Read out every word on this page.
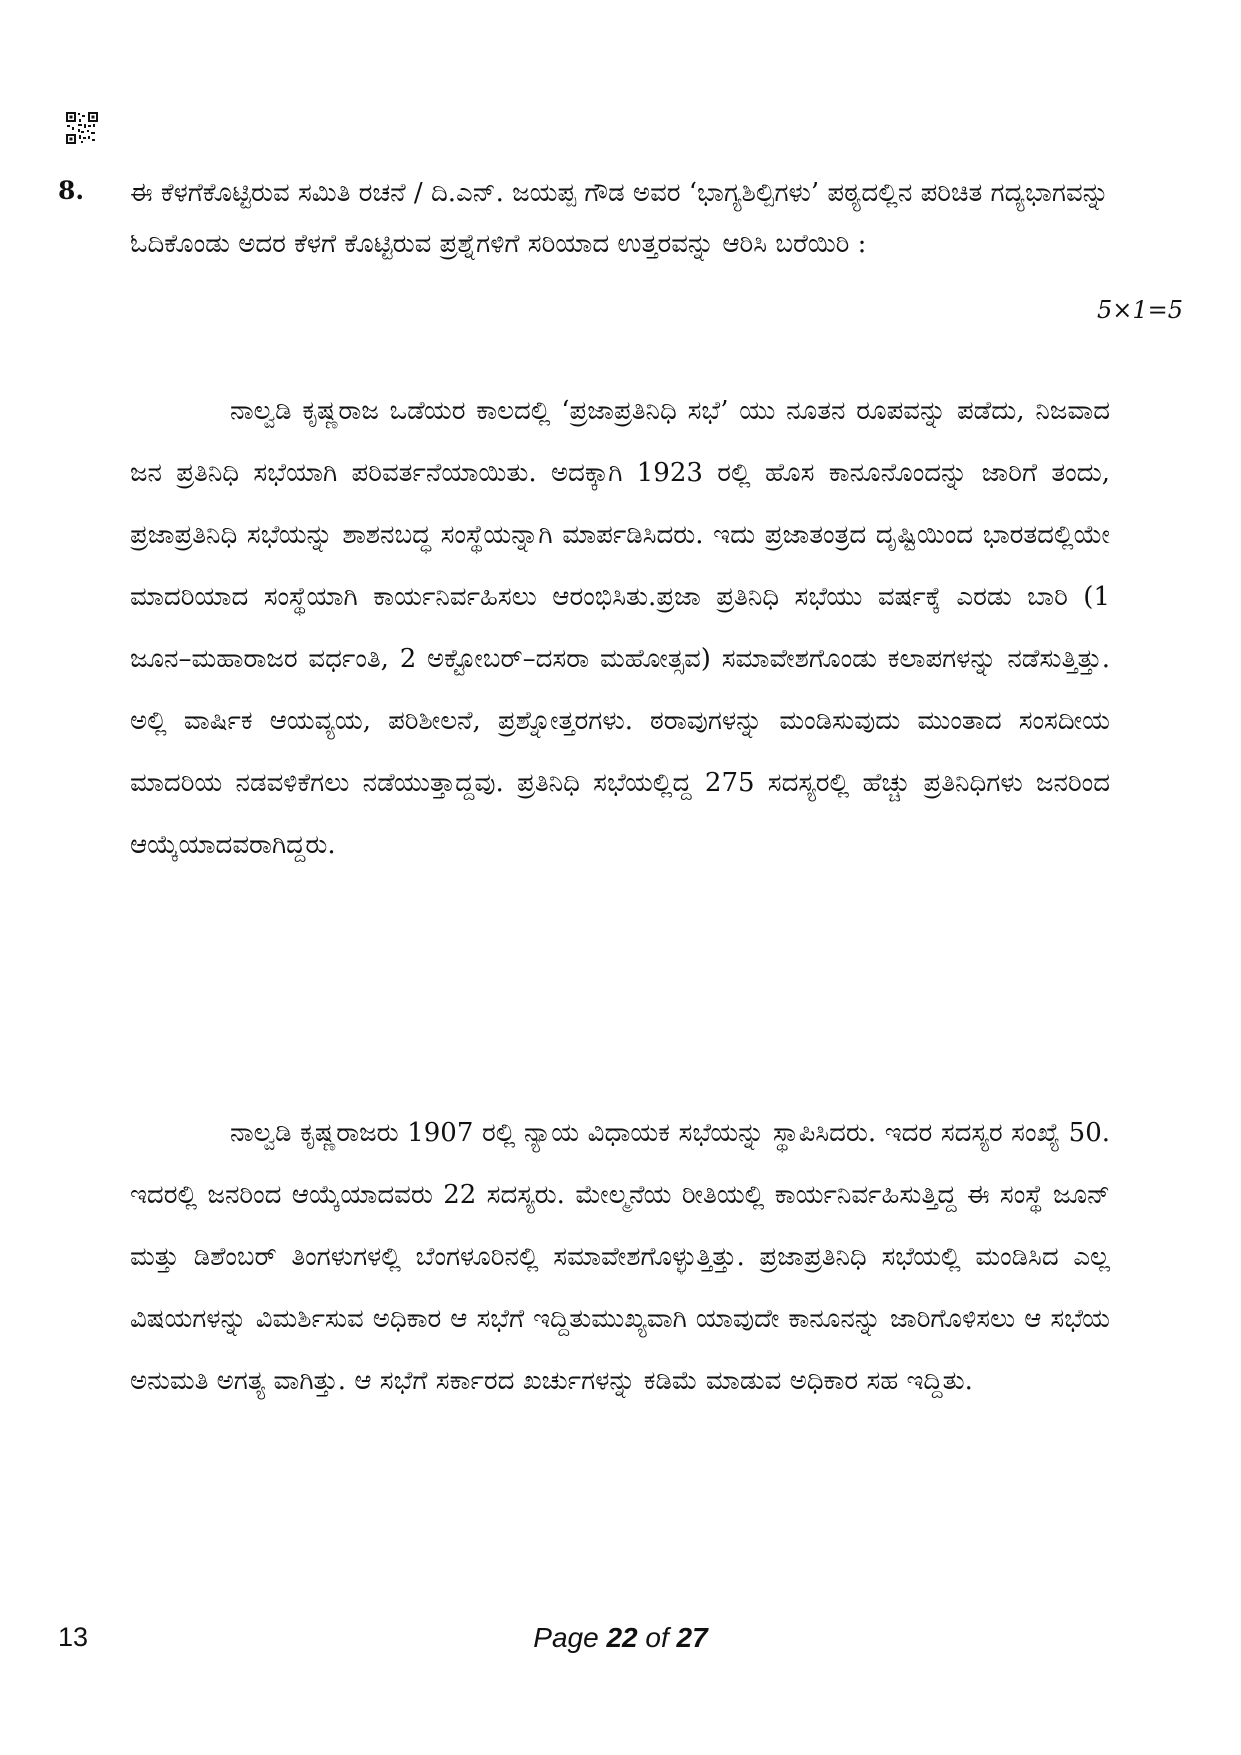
8. ಈ ಕೆಳಗೆಕೊಟ್ಟಿರುವ ಸಮಿತಿ ರಚನೆ / ದಿ.ಎನ್. ಜಯಪ್ಪ ಗೌಡ ಅವರ ‘ಭಾಗ್ಯಶಿಲ್ಪಿಗಳು’ ಪಠ್ಯದಲ್ಲಿನ ಪರಿಚಿತ ಗದ್ಯಭಾಗವನ್ನು ಓದಿಕೊಂಡು ಅದರ ಕೆಳಗೆ ಕೊಟ್ಟಿರುವ ಪ್ರಶ್ನೆಗಳಿಗೆ ಸರಿಯಾದ ಉತ್ತರವನ್ನು ಆರಿಸಿ ಬರೆಯಿರಿ :
5×1=5

ನಾಲ್ವಡಿ ಕೃಷ್ಣರಾಜ ಒಡೆಯರ ಕಾಲದಲ್ಲಿ ‘ಪ್ರಜಾಪ್ರತಿನಿಧಿ ಸಭೆ’ ಯು ನೂತನ ರೂಪವನ್ನು ಪಡೆದು, ನಿಜವಾದ ಜನ ಪ್ರತಿನಿಧಿ ಸಭೆಯಾಗಿ ಪರಿವರ್ತನೆಯಾಯಿತು. ಅದಕ್ಕಾಗಿ 1923 ರಲ್ಲಿ ಹೊಸ ಕಾನೂನೊಂದನ್ನು ಜಾರಿಗೆ ತಂದು, ಪ್ರಜಾಪ್ರತಿನಿಧಿ ಸಭೆಯನ್ನು ಶಾಶನಬದ್ಧ ಸಂಸ್ಥೆಯನ್ನಾಗಿ ಮಾರ್ಪಡಿಸಿದರು. ಇದು ಪ್ರಜಾತಂತ್ರದ ದೃಷ್ಟಿಯಿಂದ ಭಾರತದಲ್ಲಿಯೇ ಮಾದರಿಯಾದ ಸಂಸ್ಥೆಯಾಗಿ ಕಾರ್ಯನಿರ್ವಹಿಸಲು ಆರಂಭಿಸಿತು.ಪ್ರಜಾ ಪ್ರತಿನಿಧಿ ಸಭೆಯು ವರ್ಷಕ್ಕೆ ಎರಡು ಬಾರಿ (1 ಜೂನ–ಮಹಾರಾಜರ ವರ್ಧಂತಿ, 2 ಅಕ್ಟೋಬರ್–ದಸರಾ ಮಹೋತ್ಸವ) ಸಮಾವೇಶಗೊಂಡು ಕಲಾಪಗಳನ್ನು ನಡೆಸುತ್ತಿತ್ತು. ಅಲ್ಲಿ ವಾರ್ಷಿಕ ಆಯವ್ಯಯ, ಪರಿಶೀಲನೆ, ಪ್ರಶ್ನೋತ್ತರಗಳು. ಠರಾವುಗಳನ್ನು ಮಂಡಿಸುವುದು ಮುಂತಾದ ಸಂಸದೀಯ ಮಾದರಿಯ ನಡವಳಿಕೆಗಲು ನಡೆಯುತ್ತಾದ್ದವು. ಪ್ರತಿನಿಧಿ ಸಭೆಯಲ್ಲಿದ್ದ 275 ಸದಸ್ಯರಲ್ಲಿ ಹೆಚ್ಚು ಪ್ರತಿನಿಧಿಗಳು ಜನರಿಂದ ಆಯ್ಕೆಯಾದವರಾಗಿದ್ದರು.

ನಾಲ್ವಡಿ ಕೃಷ್ಣರಾಜರು 1907 ರಲ್ಲಿ ನ್ಯಾಯ ವಿಧಾಯಕ ಸಭೆಯನ್ನು ಸ್ಥಾಪಿಸಿದರು. ಇದರ ಸದಸ್ಯರ ಸಂಖ್ಯೆ 50. ಇದರಲ್ಲಿ ಜನರಿಂದ ಆಯ್ಕೆಯಾದವರು 22 ಸದಸ್ಯರು. ಮೇಲ್ಮನೆಯ ರೀತಿಯಲ್ಲಿ ಕಾರ್ಯನಿರ್ವಹಿಸುತ್ತಿದ್ದ ಈ ಸಂಸ್ಥೆ ಜೂನ್ ಮತ್ತು ಡಿಶೆಂಬರ್ ತಿಂಗಳುಗಳಲ್ಲಿ ಬೆಂಗಳೂರಿನಲ್ಲಿ ಸಮಾವೇಶಗೊಳ್ಳುತ್ತಿತ್ತು. ಪ್ರಜಾಪ್ರತಿನಿಧಿ ಸಭೆಯಲ್ಲಿ ಮಂಡಿಸಿದ ಎಲ್ಲ ವಿಷಯಗಳನ್ನು ವಿಮರ್ಶಿಸುವ ಅಧಿಕಾರ ಆ ಸಭೆಗೆ ಇದ್ದಿತುಮುಖ್ಯವಾಗಿ ಯಾವುದೇ ಕಾನೂನನ್ನು ಜಾರಿಗೊಳಿಸಲು ಆ ಸಭೆಯ ಅನುಮತಿ ಅಗತ್ಯ ವಾಗಿತ್ತು. ಆ ಸಭೆಗೆ ಸರ್ಕಾರದ ಖರ್ಚುಗಳನ್ನು ಕಡಿಮೆ ಮಾಡುವ ಅಧಿಕಾರ ಸಹ ಇದ್ದಿತು.

13	Page 22 of 27
